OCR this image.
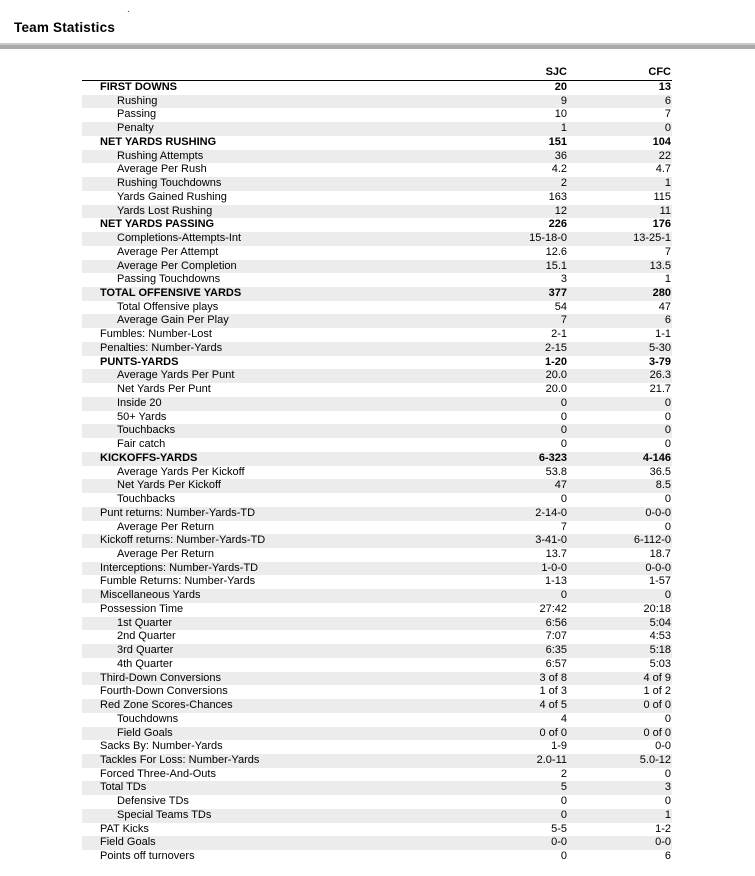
.
Team Statistics
	SJC	CFC
FIRST DOWNS	20	13
Rushing	9	6
Passing	10	7
Penalty	1	0
NET YARDS RUSHING	151	104
Rushing Attempts	36	22
Average Per Rush	4.2	4.7
Rushing Touchdowns	2	1
Yards Gained Rushing	163	115
Yards Lost Rushing	12	11
NET YARDS PASSING	226	176
Completions-Attempts-Int	15-18-0	13-25-1
Average Per Attempt	12.6	7
Average Per Completion	15.1	13.5
Passing Touchdowns	3	1
TOTAL OFFENSIVE YARDS	377	280
Total Offensive plays	54	47
Average Gain Per Play	7	6
Fumbles: Number-Lost	2-1	1-1
Penalties: Number-Yards	2-15	5-30
PUNTS-YARDS	1-20	3-79
Average Yards Per Punt	20.0	26.3
Net Yards Per Punt	20.0	21.7
Inside 20	0	0
50+ Yards	0	0
Touchbacks	0	0
Fair catch	0	0
KICKOFFS-YARDS	6-323	4-146
Average Yards Per Kickoff	53.8	36.5
Net Yards Per Kickoff	47	8.5
Touchbacks	0	0
Punt returns: Number-Yards-TD	2-14-0	0-0-0
Average Per Return	7	0
Kickoff returns: Number-Yards-TD	3-41-0	6-112-0
Average Per Return	13.7	18.7
Interceptions: Number-Yards-TD	1-0-0	0-0-0
Fumble Returns: Number-Yards	1-13	1-57
Miscellaneous Yards	0	0
Possession Time	27:42	20:18
1st Quarter	6:56	5:04
2nd Quarter	7:07	4:53
3rd Quarter	6:35	5:18
4th Quarter	6:57	5:03
Third-Down Conversions	3 of 8	4 of 9
Fourth-Down Conversions	1 of 3	1 of 2
Red Zone Scores-Chances	4 of 5	0 of 0
Touchdowns	4	0
Field Goals	0 of 0	0 of 0
Sacks By: Number-Yards	1-9	0-0
Tackles For Loss: Number-Yards	2.0-11	5.0-12
Forced Three-And-Outs	2	0
Total TDs	5	3
Defensive TDs	0	0
Special Teams TDs	0	1
PAT Kicks	5-5	1-2
Field Goals	0-0	0-0
Points off turnovers	0	6
